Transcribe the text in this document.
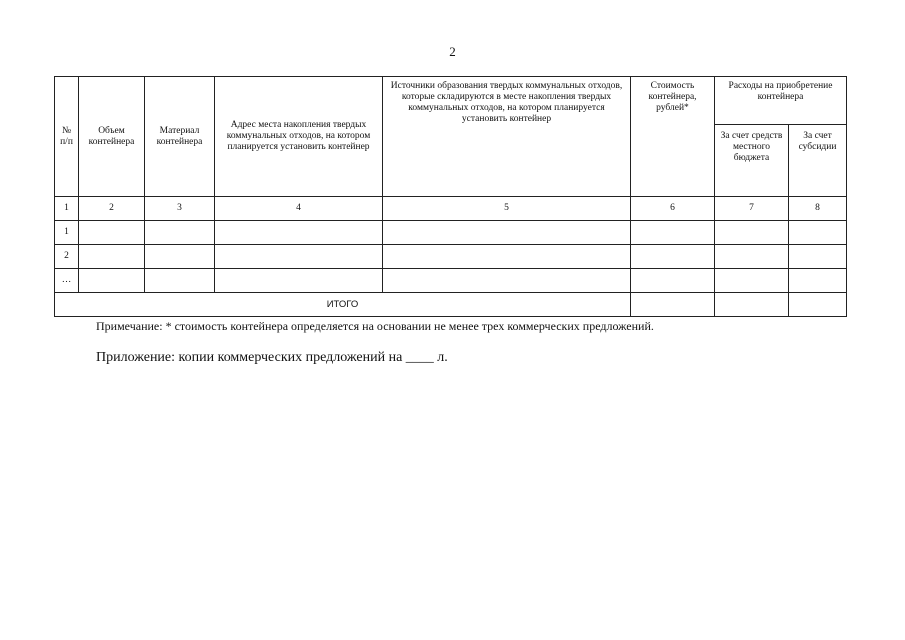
2
№ п/п	Объем контейнера	Материал контейнера	Адрес места накопления твердых коммунальных отходов, на котором планируется установить контейнер	Источники образования твердых коммунальных отходов, которые складируются в месте накопления твердых коммунальных отходов, на котором планируется установить контейнер	Стоимость контейнера, рублей*	Расходы на приобретение контейнера	
						За счет средств местного бюджета	За счет субсидии
1	2	3	4	5	6	7	8
1							
2							
…							
ИТОГО							
Примечание: * стоимость контейнера определяется на основании не менее трех коммерческих предложений.
Приложение: копии коммерческих предложений на ____ л.
